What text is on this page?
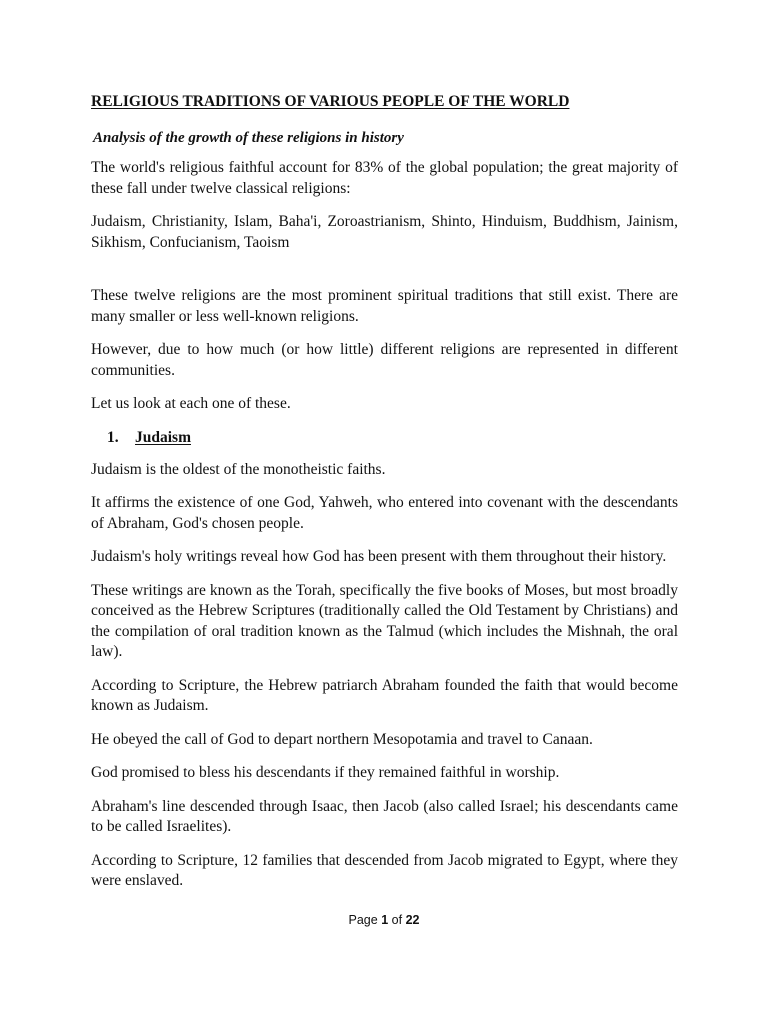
RELIGIOUS TRADITIONS OF VARIOUS PEOPLE OF THE WORLD
Analysis of the growth of these religions in history

The world's religious faithful account for 83% of the global population; the great majority of these fall under twelve classical religions:

Judaism, Christianity, Islam, Baha'i, Zoroastrianism, Shinto, Hinduism, Buddhism, Jainism, Sikhism, Confucianism, Taoism

These twelve religions are the most prominent spiritual traditions that still exist. There are many smaller or less well-known religions.

However, due to how much (or how little) different religions are represented in different communities.

Let us look at each one of these.

1. Judaism

Judaism is the oldest of the monotheistic faiths.

It affirms the existence of one God, Yahweh, who entered into covenant with the descendants of Abraham, God's chosen people.

Judaism's holy writings reveal how God has been present with them throughout their history.

These writings are known as the Torah, specifically the five books of Moses, but most broadly conceived as the Hebrew Scriptures (traditionally called the Old Testament by Christians) and the compilation of oral tradition known as the Talmud (which includes the Mishnah, the oral law).

According to Scripture, the Hebrew patriarch Abraham founded the faith that would become known as Judaism.

He obeyed the call of God to depart northern Mesopotamia and travel to Canaan.

God promised to bless his descendants if they remained faithful in worship.

Abraham's line descended through Isaac, then Jacob (also called Israel; his descendants came to be called Israelites).

According to Scripture, 12 families that descended from Jacob migrated to Egypt, where they were enslaved.

Page 1 of 22
